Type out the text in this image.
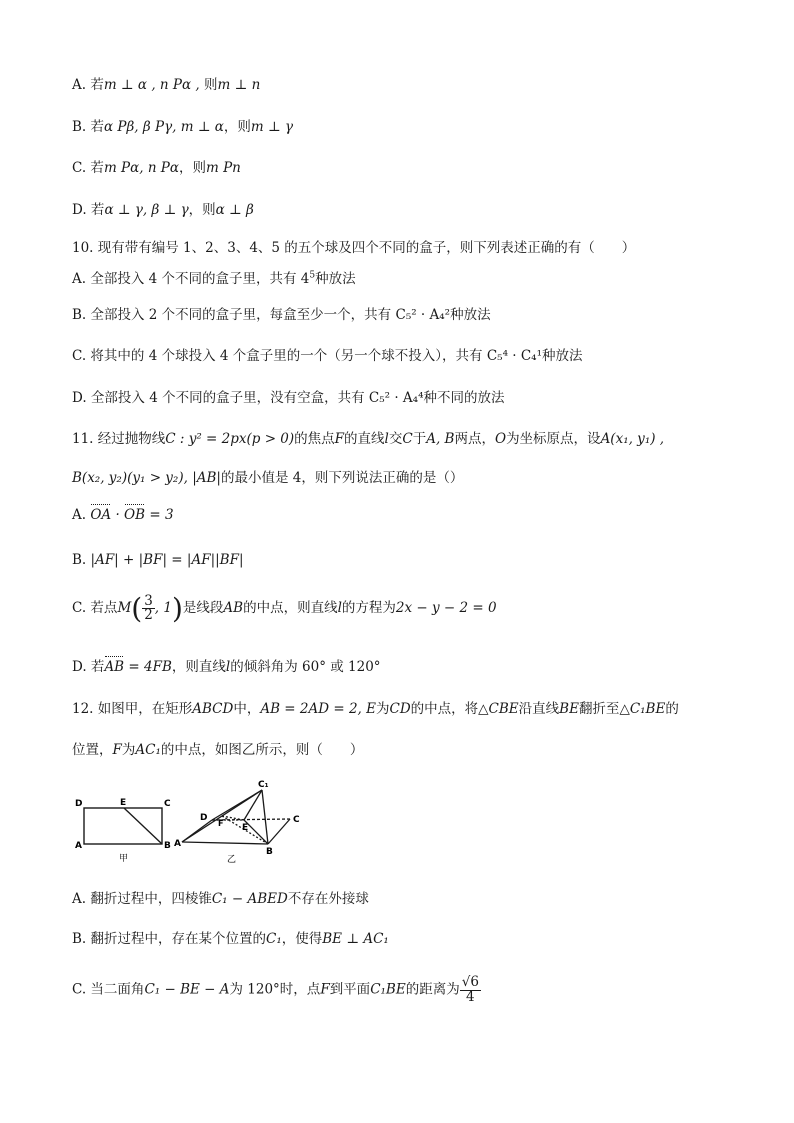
A. 若m ⊥ α , n Ρα , 则m ⊥ n
B. 若α Ρβ, β Ργ, m ⊥ α，则m ⊥ γ
C. 若m Ρα, n Ρα，则m Ρn
D. 若α ⊥ γ, β ⊥ γ，则α ⊥ β
10. 现有带有编号 1、2、3、4、5 的五个球及四个不同的盒子，则下列表述正确的有（　　）
A. 全部投入 4 个不同的盒子里，共有 $4^5$种放法
B. 全部投入 2 个不同的盒子里，每盒至少一个，共有 C₅² · A₄²种放法
C. 将其中的 4 个球投入 4 个盒子里的一个（另一个球不投入），共有 C₅⁴ · C₄¹种放法
D. 全部投入 4 个不同的盒子里，没有空盒，共有 C₅² · A₄⁴种不同的放法
11. 经过抛物线C : y² = 2px(p > 0)的焦点F的直线l交C于A, B两点，O为坐标原点，设A(x₁, y₁) ,
B(x₂, y₂)(y₁ > y₂), |AB|的最小值是 4，则下列说法正确的是（）
A. OA · OB = 3
B. |AF| + |BF| = |AF||BF|
C. 若点$M( \frac{3}{2}$ , 1)是线段AB的中点，则直线l的方程为2x − y − 2 = 0
D. 若AB = 4FB，则直线l的倾斜角为 60° 或 120°
12. 如图甲，在矩形ABCD中，AB = 2AD = 2, E为CD的中点，将△CBE沿直线BE翻折至△C₁BE的
位置，F为AC₁的中点，如图乙所示，则（　　）
D	E	C
A	B
甲
C₁
D
F E
C
A
B
乙
A. 翻折过程中，四棱锥C₁ − ABED不存在外接球
B. 翻折过程中，存在某个位置的C₁，使得BE ⊥ AC₁
C. 当二面角C₁ − BE − A为 120°时，点F到平面C₁BE的距离为 $\frac{√6}{4}$
